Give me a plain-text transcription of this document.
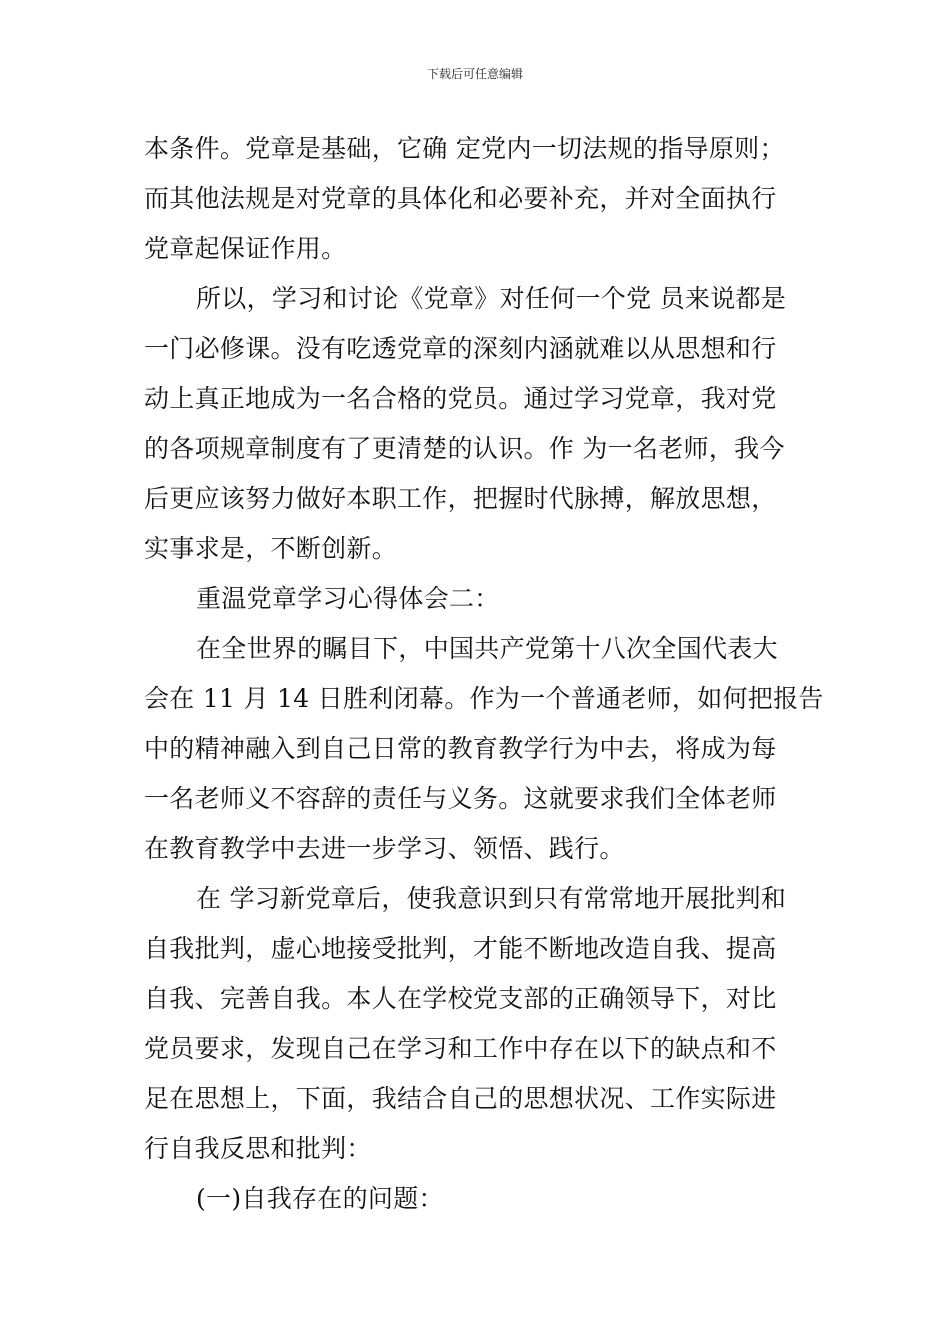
下载后可任意编辑
本条件。党章是基础，它确 定党内一切法规的指导原则；
而其他法规是对党章的具体化和必要补充，并对全面执行
党章起保证作用。
所以，学习和讨论《党章》对任何一个党 员来说都是
一门必修课。没有吃透党章的深刻内涵就难以从思想和行
动上真正地成为一名合格的党员。通过学习党章，我对党
的各项规章制度有了更清楚的认识。作 为一名老师，我今
后更应该努力做好本职工作，把握时代脉搏，解放思想，
实事求是，不断创新。
重温党章学习心得体会二：
在全世界的瞩目下，中国共产党第十八次全国代表大
会在 11 月 14 日胜利闭幕。作为一个普通老师，如何把报告
中的精神融入到自己日常的教育教学行为中去，将成为每
一名老师义不容辞的责任与义务。这就要求我们全体老师
在教育教学中去进一步学习、领悟、践行。
在 学习新党章后，使我意识到只有常常地开展批判和
自我批判，虚心地接受批判，才能不断地改造自我、提高
自我、完善自我。本人在学校党支部的正确领导下，对比
党员要求，发现自己在学习和工作中存在以下的缺点和不
足在思想上，下面，我结合自己的思想状况、工作实际进
行自我反思和批判：
(一)自我存在的问题：
